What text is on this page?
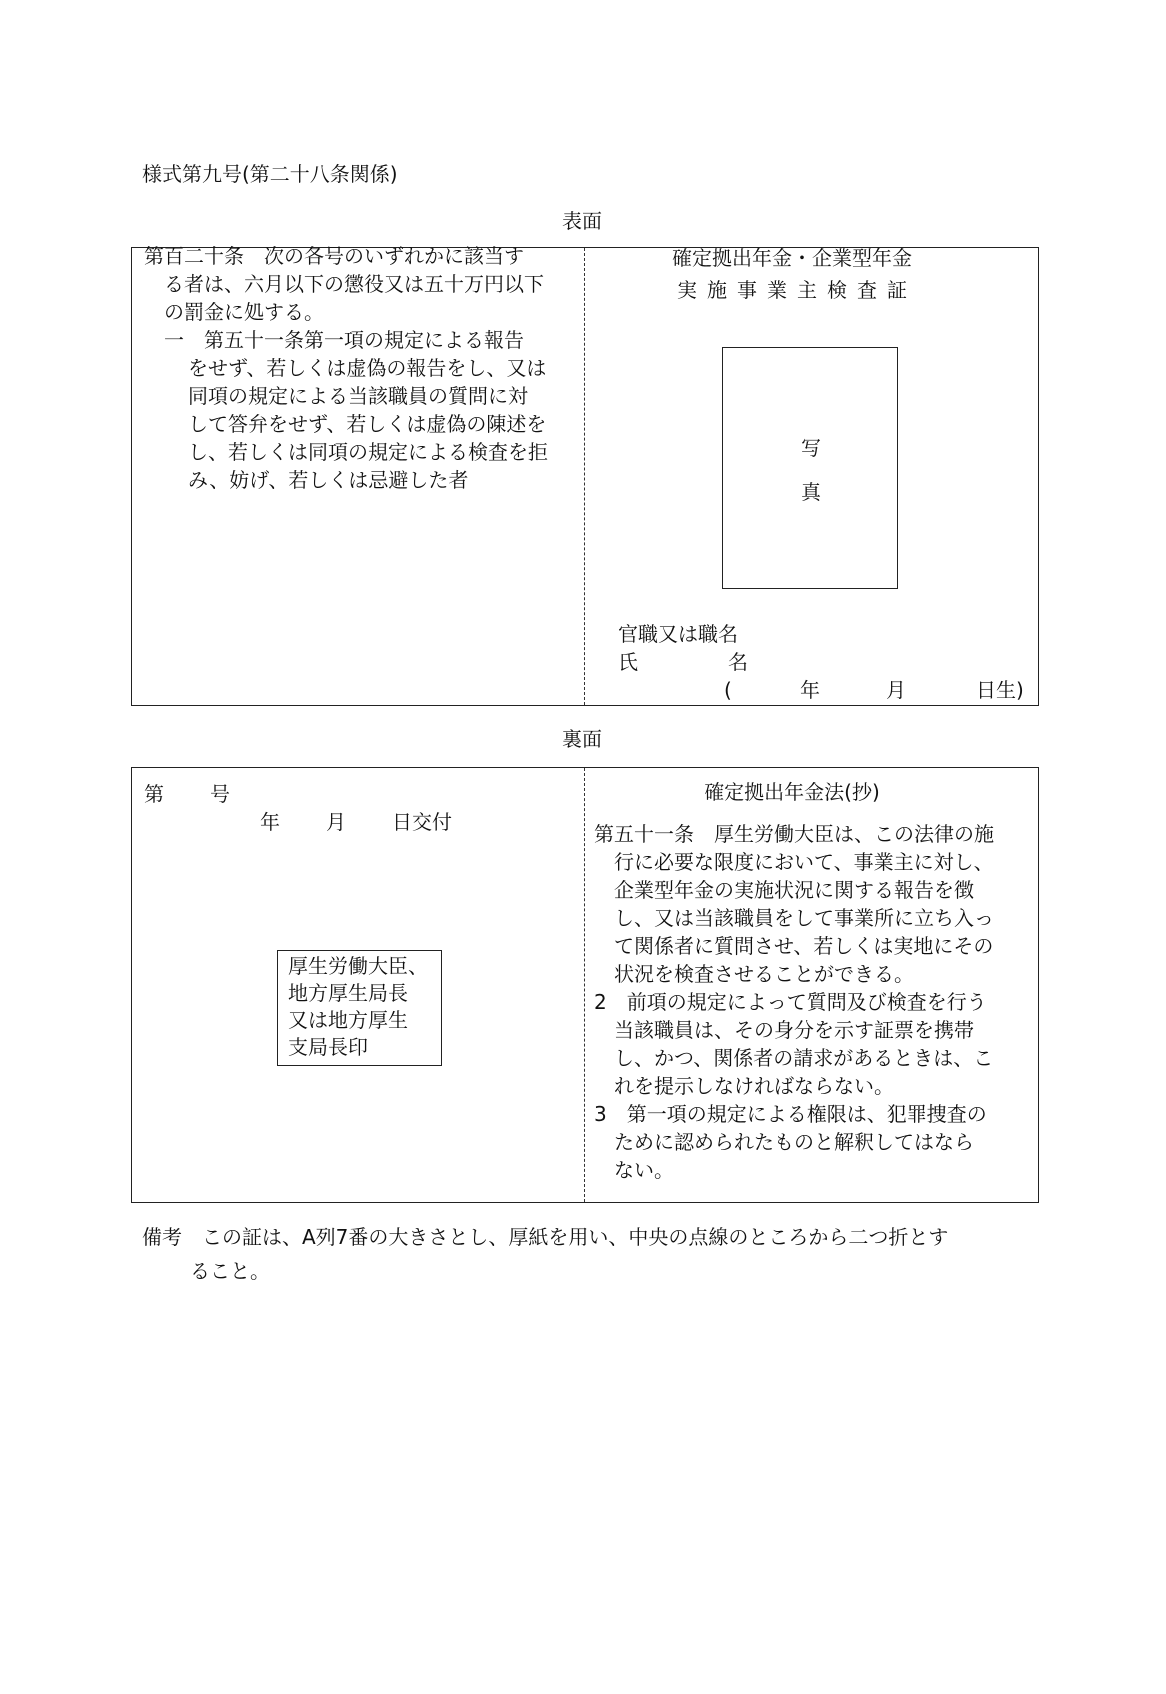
様式第九号(第二十八条関係)
表面
第百二十条　次の各号のいずれかに該当す
る者は、六月以下の懲役又は五十万円以下
の罰金に処する。
一　第五十一条第一項の規定による報告
をせず、若しくは虚偽の報告をし、又は
同項の規定による当該職員の質問に対
して答弁をせず、若しくは虚偽の陳述を
し、若しくは同項の規定による検査を拒
み、妨げ、若しくは忌避した者
確定拠出年金・企業型年金
実施事業主検査証
写
真
官職又は職名
氏	名
(	年	月	日生)
裏面
第 号
年 月 日交付
厚生労働大臣、
地方厚生局長
又は地方厚生
支局長印
確定拠出年金法(抄)
第五十一条　厚生労働大臣は、この法律の施
行に必要な限度において、事業主に対し、
企業型年金の実施状況に関する報告を徴
し、又は当該職員をして事業所に立ち入っ
て関係者に質問させ、若しくは実地にその
状況を検査させることができる。
2　前項の規定によって質問及び検査を行う
当該職員は、その身分を示す証票を携帯
し、かつ、関係者の請求があるときは、こ
れを提示しなければならない。
3　第一項の規定による権限は、犯罪捜査の
ために認められたものと解釈してはなら
ない。
備考　この証は、A列7番の大きさとし、厚紙を用い、中央の点線のところから二つ折とす
ること。
